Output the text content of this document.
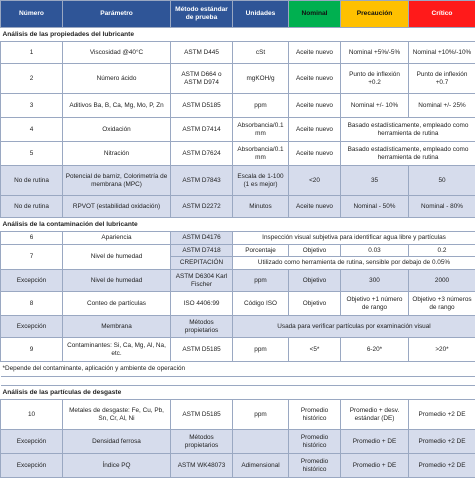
Número	Parámetro	Método estándar de prueba	Unidades	Nominal	Precaución	Crítico
Análisis de las propiedades del lubricante						
1	Viscosidad @40°C	ASTM D445	cSt	Aceite nuevo	Nominal +5%/-5%	Nominal +10%/-10%
2	Número ácido	ASTM D664 o ASTM D974	mgKOH/g	Aceite nuevo	Punto de inflexión +0.2	Punto de inflexión +0.7
3	Aditivos Ba, B, Ca, Mg, Mo, P, Zn	ASTM D5185	ppm	Aceite nuevo	Nominal +/- 10%	Nominal +/- 25%
4	Oxidación	ASTM D7414	Absorbancia/0.1 mm	Aceite nuevo	Basado estadísticamente, empleado como herramienta de rutina	
5	Nitración	ASTM D7624	Absorbancia/0.1 mm	Aceite nuevo	Basado estadísticamente, empleado como herramienta de rutina	
No de rutina	Potencial de barniz, Colorimetría de membrana (MPC)	ASTM D7843	Escala de 1-100 (1 es mejor)	<20	35	50
No de rutina	RPVOT (estabilidad oxidación)	ASTM D2272	Minutos	Aceite nuevo	Nominal - 50%	Nominal - 80%
Análisis de la contaminación del lubricante						
6	Apariencia	ASTM D4176	Inspección visual subjetiva para identificar agua libre y partículas			
7	Nivel de humedad	ASTM D7418	Porcentaje	Objetivo	0.03	0.2
		CREPITACIÓN	Utilizado como herramienta de rutina, sensible por debajo de 0.05%			
Excepción	Nivel de humedad	ASTM D6304 Karl Fischer	ppm	Objetivo	300	2000
8	Conteo de partículas	ISO 4406:99	Código ISO	Objetivo	Objetivo +1 número de rango	Objetivo +3 números de rango
Excepción	Membrana	Métodos propietarios	Usada para verificar partículas por examinación visual			
9	Contaminantes: Si, Ca, Mg, Al, Na, etc.	ASTM D5185	ppm	<5*	6-20*	>20*
*Depende del contaminante, aplicación y ambiente de operación						

Análisis de las partículas de desgaste						
10	Metales de desgaste: Fe, Cu, Pb, Sn, Cr, Al, Ni	ASTM D5185	ppm	Promedio histórico	Promedio + desv. estándar (DE)	Promedio +2 DE
Excepción	Densidad ferrosa	Métodos propietarios		Promedio histórico	Promedio + DE	Promedio +2 DE
Excepción	Índice PQ	ASTM WK48073	Adimensional	Promedio histórico	Promedio + DE	Promedio +2 DE
